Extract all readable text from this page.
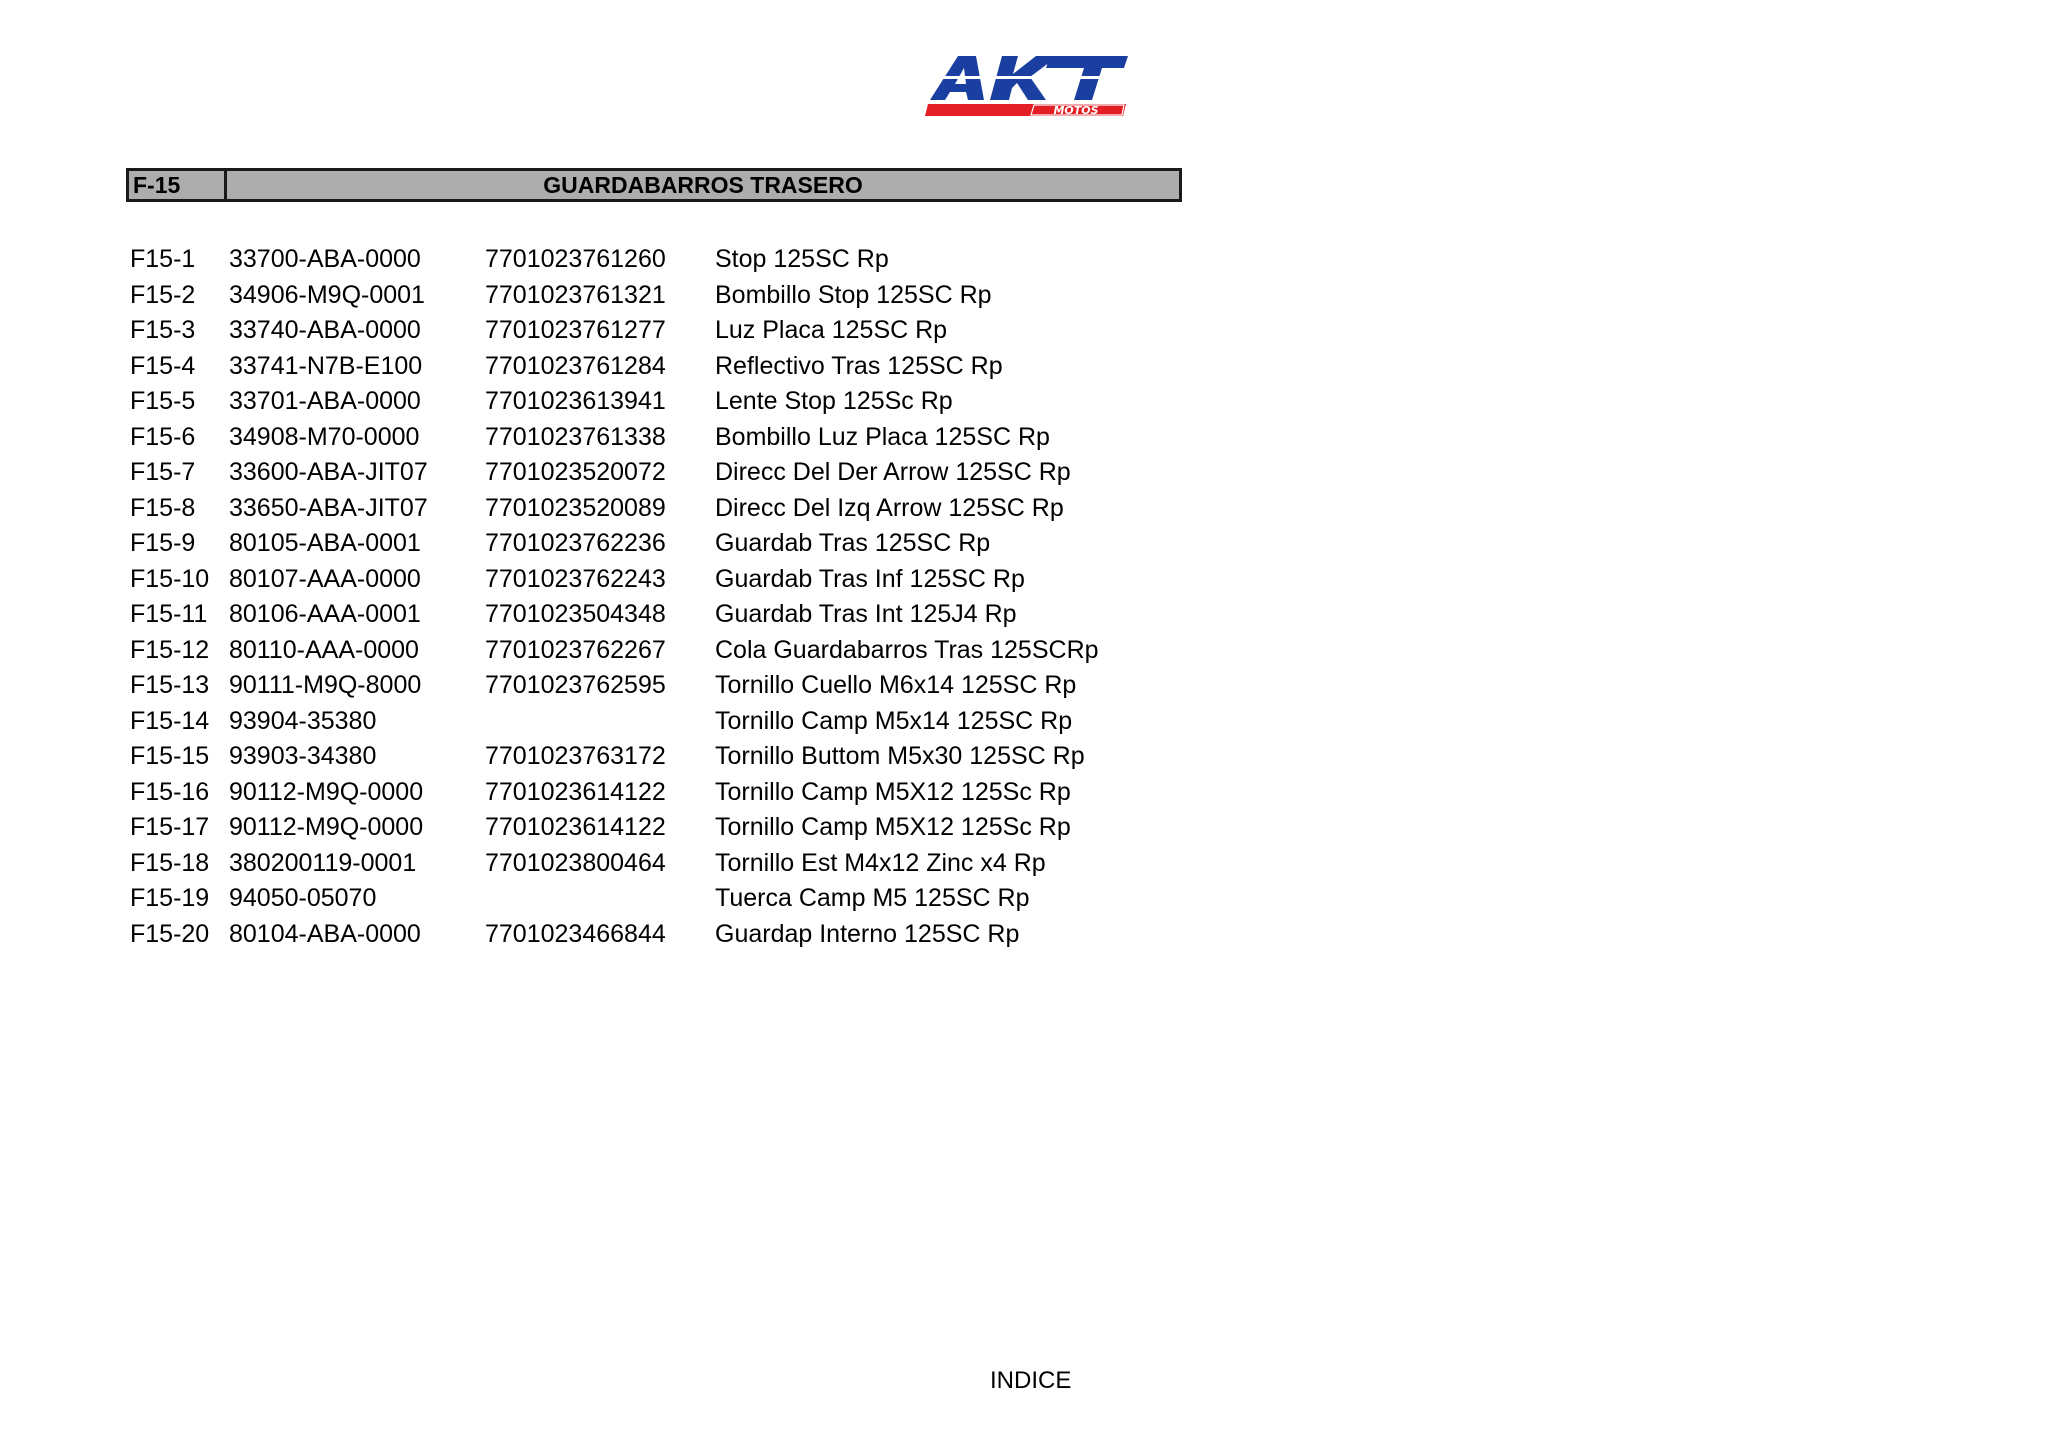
MOTOS
F-15	GUARDABARROS TRASERO
F15-1 33700-ABA-0000	7701023761260 Stop 125SC Rp
F15-2 34906-M9Q-0001 7701023761321 Bombillo Stop 125SC Rp
F15-3 33740-ABA-0000	7701023761277 Luz Placa 125SC Rp
F15-4 33741-N7B-E100	7701023761284 Reflectivo Tras 125SC Rp
F15-5 33701-ABA-0000	7701023613941 Lente Stop 125Sc Rp
F15-6 34908-M70-0000	7701023761338 Bombillo Luz Placa 125SC Rp
F15-7 33600-ABA-JIT07 7701023520072 Direcc Del Der Arrow 125SC Rp
F15-8 33650-ABA-JIT07 7701023520089 Direcc Del Izq Arrow 125SC Rp
F15-9 80105-ABA-0001	7701023762236 Guardab Tras 125SC Rp
F15-10 80107-AAA-0000	7701023762243 Guardab Tras Inf 125SC Rp
F15-11 80106-AAA-0001	7701023504348 Guardab Tras Int 125J4 Rp
F15-12 80110-AAA-0000	7701023762267 Cola Guardabarros Tras 125SCRp
F15-13 90111-M9Q-8000	7701023762595 Tornillo Cuello M6x14 125SC Rp
F15-14 93904-35380	Tornillo Camp M5x14 125SC Rp
F15-15 93903-34380	7701023763172 Tornillo Buttom M5x30 125SC Rp
F15-16 90112-M9Q-0000 7701023614122 Tornillo Camp M5X12 125Sc Rp
F15-17 90112-M9Q-0000 7701023614122 Tornillo Camp M5X12 125Sc Rp
F15-18 380200119-0001	7701023800464 Tornillo Est M4x12 Zinc x4 Rp
F15-19 94050-05070	Tuerca Camp M5 125SC Rp
F15-20 80104-ABA-0000	7701023466844 Guardap Interno 125SC Rp
INDICE
